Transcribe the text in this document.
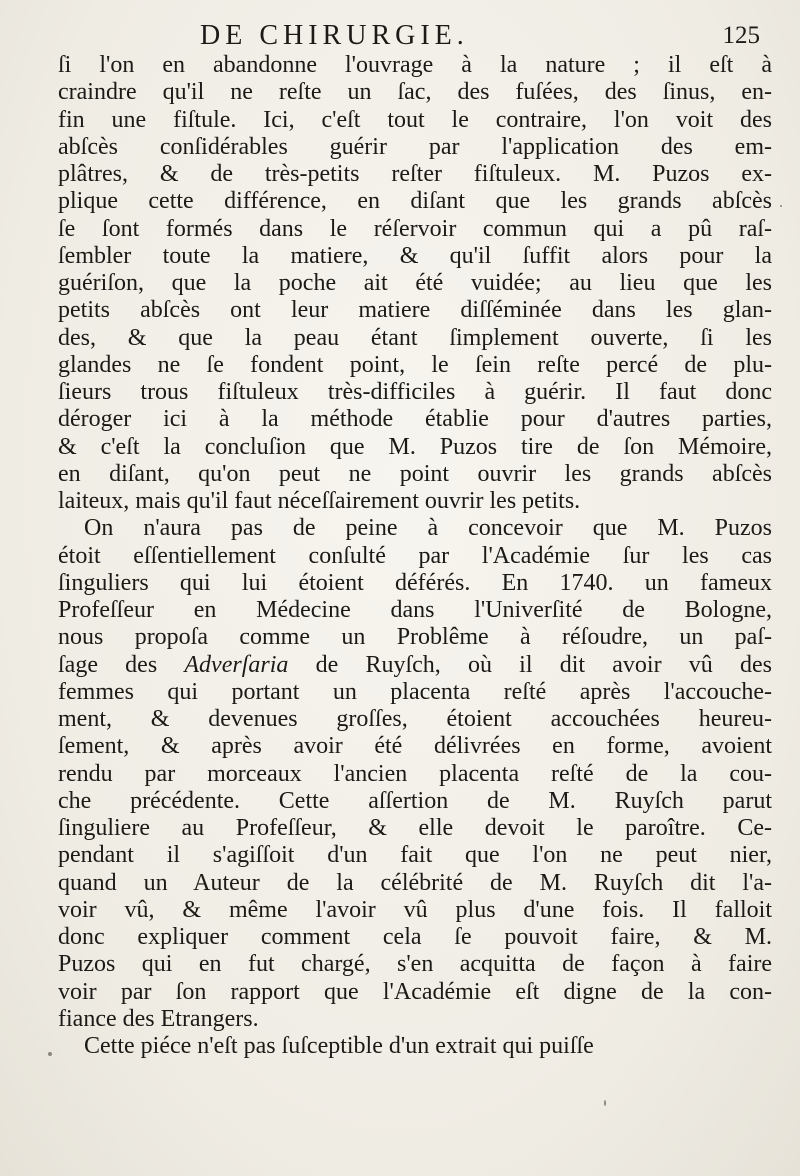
DE CHIRURGIE.	125
ſi l'on en abandonne l'ouvrage à la nature ; il eſt à
craindre qu'il ne reſte un ſac, des fuſées, des ſinus, en-
fin une fiſtule. Ici, c'eſt tout le contraire, l'on voit des
abſcès conſidérables guérir par l'application des em-
plâtres, & de très-petits reſter fiſtuleux. M. Puzos ex-
plique cette différence, en diſant que les grands abſcès
ſe ſont formés dans le réſervoir commun qui a pû raſ-
ſembler toute la matiere, & qu'il ſuffit alors pour la
guériſon, que la poche ait été vuidée; au lieu que les
petits abſcès ont leur matiere diſſéminée dans les glan-
des, & que la peau étant ſimplement ouverte, ſi les
glandes ne ſe fondent point, le ſein reſte percé de plu-
ſieurs trous fiſtuleux très-difficiles à guérir. Il faut donc
déroger ici à la méthode établie pour d'autres parties,
& c'eſt la concluſion que M. Puzos tire de ſon Mémoire,
en diſant, qu'on peut ne point ouvrir les grands abſcès
laiteux, mais qu'il faut néceſſairement ouvrir les petits.
On n'aura pas de peine à concevoir que M. Puzos
étoit eſſentiellement conſulté par l'Académie ſur les cas
ſinguliers qui lui étoient déférés. En 1740. un fameux
Profeſſeur en Médecine dans l'Univerſité de Bologne,
nous propoſa comme un Problême à réſoudre, un paſ-
ſage des Adverſaria de Ruyſch, où il dit avoir vû des
femmes qui portant un placenta reſté après l'accouche-
ment, & devenues groſſes, étoient accouchées heureu-
ſement, & après avoir été délivrées en forme, avoient
rendu par morceaux l'ancien placenta reſté de la cou-
che précédente. Cette aſſertion de M. Ruyſch parut
ſinguliere au Profeſſeur, & elle devoit le paroître. Ce-
pendant il s'agiſſoit d'un fait que l'on ne peut nier,
quand un Auteur de la célébrité de M. Ruyſch dit l'a-
voir vû, & même l'avoir vû plus d'une fois. Il falloit
donc expliquer comment cela ſe pouvoit faire, & M.
Puzos qui en fut chargé, s'en acquitta de façon à faire
voir par ſon rapport que l'Académie eſt digne de la con-
fiance des Etrangers.
Cette piéce n'eſt pas ſuſceptible d'un extrait qui puiſſe
